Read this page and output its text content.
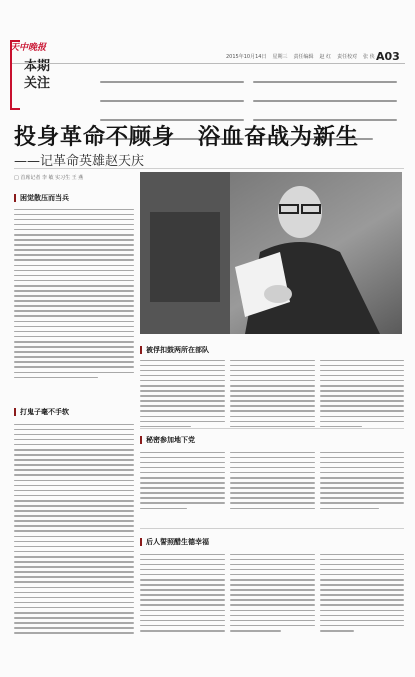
天中晚报
本期
关注
2015年10月14日 星期三 责任编辑 赵 红 责任校对 张 侠 A03

投身革命不顾身　浴血奋战为新生
——记革命英雄赵天庆
□ 首席记者 李 敏 实习生 王 燕
困觉散压而当兵
被俘扣鼓两所在部队
打鬼子毫不手软
秘密参加地下党
后人誓照醋生德幸福
